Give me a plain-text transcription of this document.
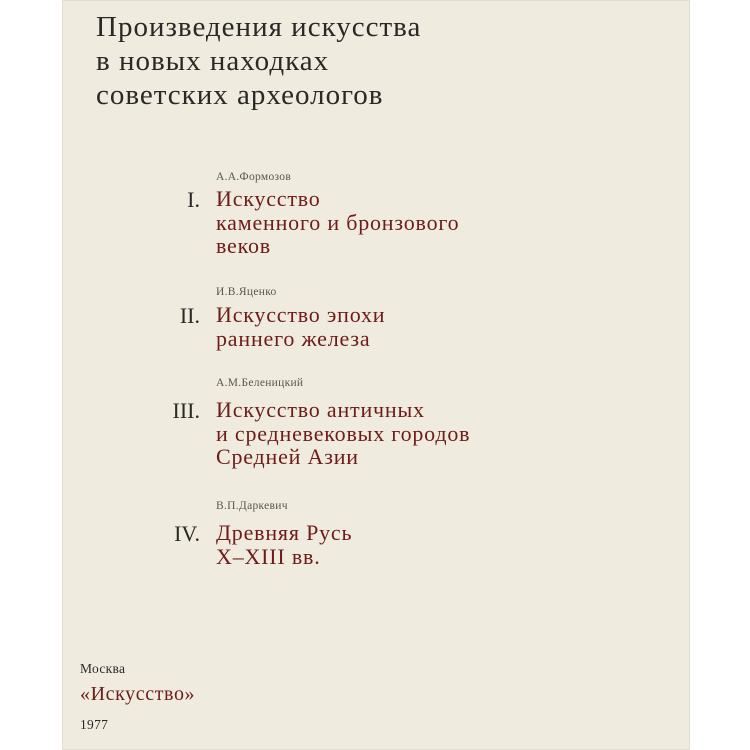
Произведения искусства
в новых находках
советских археологов
А.А.Формозов
I. Искусство
каменного и бронзового
веков
И.В.Яценко
II. Искусство эпохи
раннего железа
А.М.Беленицкий
III. Искусство античных
и средневековых городов
Средней Азии
В.П.Даркевич
IV. Древняя Русь
X–XIII вв.
Москва
«Искусство»
1977
